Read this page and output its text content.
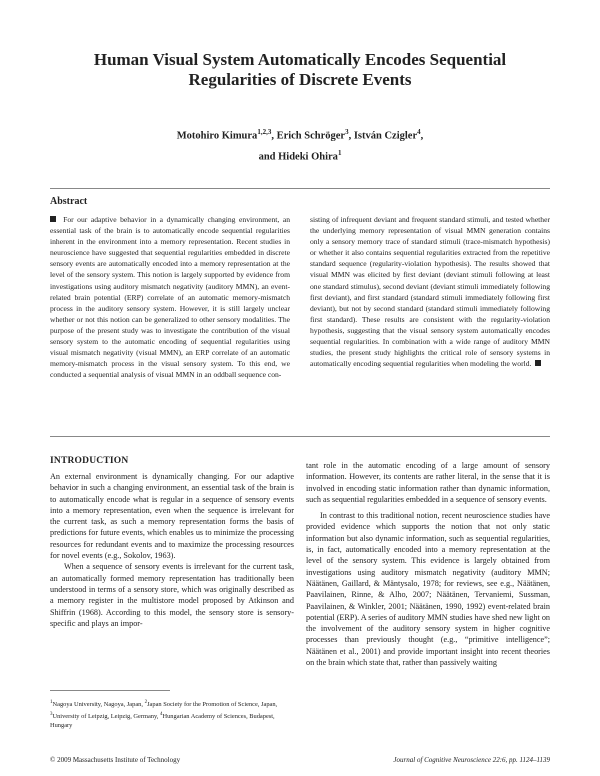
Human Visual System Automatically Encodes Sequential
Regularities of Discrete Events
Motohiro Kimura$^{1,2,3}$, Erich Schröger$^3$, István Czigler$^4$,
and Hideki Ohira$^1$
Abstract

For our adaptive behavior in a dynamically changing environment, an essential task of the brain is to automatically encode sequential regularities inherent in the environment into a memory representation. Recent studies in neuroscience have suggested that sequential regularities embedded in discrete sensory events are automatically encoded into a memory representation at the level of the sensory system. This notion is largely supported by evidence from investigations using auditory mismatch negativity (auditory MMN), an event-related brain potential (ERP) correlate of an automatic memory-mismatch process in the auditory sensory system. However, it is still largely unclear whether or not this notion can be generalized to other sensory modalities. The purpose of the present study was to investigate the contribution of the visual sensory system to the automatic encoding of sequential regularities using visual mismatch negativity (visual MMN), an ERP correlate of an automatic memory-mismatch process in the visual sensory system. To this end, we conducted a sequential analysis of visual MMN in an oddball sequence con-

sisting of infrequent deviant and frequent standard stimuli, and tested whether the underlying memory representation of visual MMN generation contains only a sensory memory trace of standard stimuli (trace-mismatch hypothesis) or whether it also contains sequential regularities extracted from the repetitive standard sequence (regularity-violation hypothesis). The results showed that visual MMN was elicited by first deviant (deviant stimuli following at least one standard stimulus), second deviant (deviant stimuli immediately following first deviant), and first standard (standard stimuli immediately following first deviant), but not by second standard (standard stimuli immediately following first standard). These results are consistent with the regularity-violation hypothesis, suggesting that the visual sensory system automatically encodes sequential regularities. In combination with a wide range of auditory MMN studies, the present study highlights the critical role of sensory systems in automatically encoding sequential regularities when modeling the world.

INTRODUCTION

An external environment is dynamically changing. For our adaptive behavior in such a changing environment, an essential task of the brain is to automatically encode what is regular in a sequence of sensory events into a memory representation, even when the sequence is irrelevant for the current task, as such a memory representation forms the basis of predictions for future events, which enables us to minimize the processing resources for redundant events and to maximize the processing resources for novel events (e.g., Sokolov, 1963).

When a sequence of sensory events is irrelevant for the current task, an automatically formed memory representation has traditionally been understood in terms of a sensory store, which was originally described as a memory register in the multistore model proposed by Atkinson and Shiffrin (1968). According to this model, the sensory store is sensory-specific and plays an impor-

tant role in the automatic encoding of a large amount of sensory information. However, its contents are rather literal, in the sense that it is involved in encoding static information rather than dynamic information, such as sequential regularities embedded in a sequence of sensory events.

In contrast to this traditional notion, recent neuroscience studies have provided evidence which supports the notion that not only static information but also dynamic information, such as sequential regularities, is, in fact, automatically encoded into a memory representation at the level of the sensory system. This evidence is largely obtained from investigations using auditory mismatch negativity (auditory MMN; Näätänen, Gaillard, & Mäntysalo, 1978; for reviews, see e.g., Näätänen, Paavilainen, Rinne, & Alho, 2007; Näätänen, Tervaniemi, Sussman, Paavilainen, & Winkler, 2001; Näätänen, 1990, 1992) event-related brain potential (ERP). A series of auditory MMN studies have shed new light on the involvement of the auditory sensory system in higher cognitive processes than previously thought (e.g., “primitive intelligence”; Näätänen et al., 2001) and provide important insight into recent theories on the brain which state that, rather than passively waiting

$^1$Nagoya University, Nagoya, Japan, $^2$Japan Society for the Promotion of Science, Japan, $^3$University of Leipzig, Leipzig, Germany, $^4$Hungarian Academy of Sciences, Budapest, Hungary
© 2009 Massachusetts Institute of Technology	Journal of Cognitive Neuroscience 22:6, pp. 1124–1139
